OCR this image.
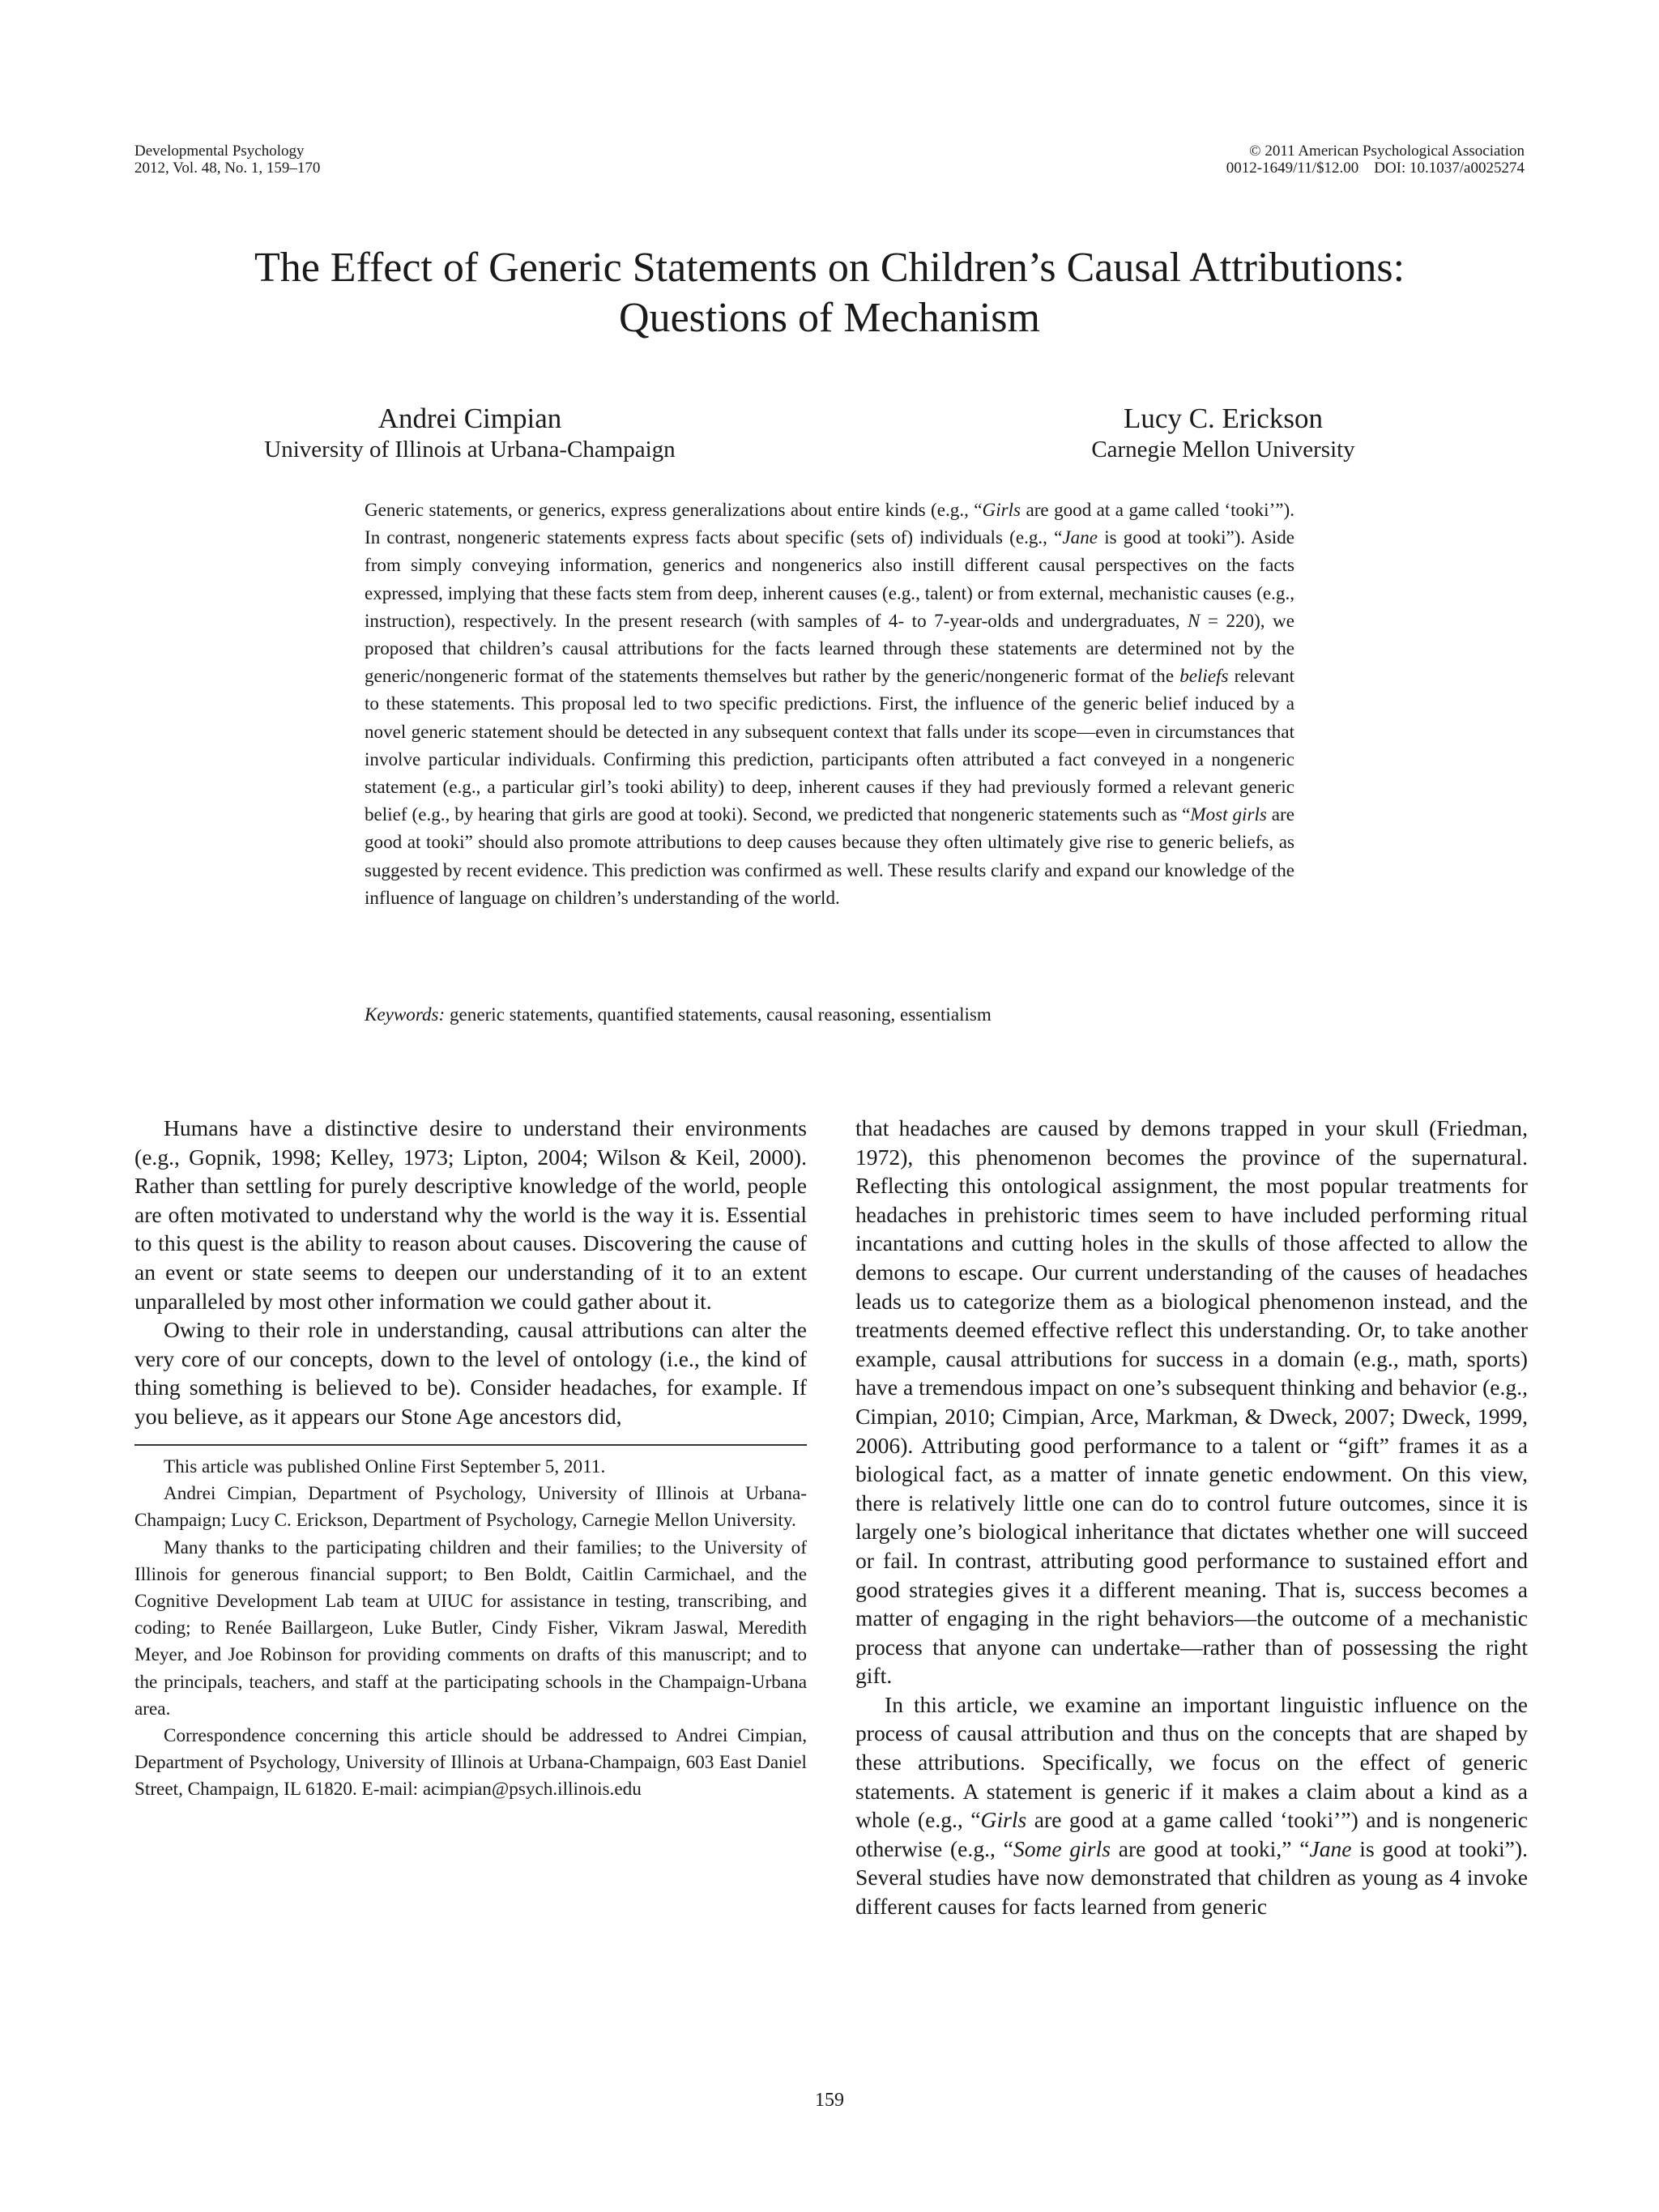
Developmental Psychology
2012, Vol. 48, No. 1, 159–170
© 2011 American Psychological Association
0012-1649/11/$12.00    DOI: 10.1037/a0025274
The Effect of Generic Statements on Children’s Causal Attributions:
Questions of Mechanism
Andrei Cimpian
University of Illinois at Urbana-Champaign
Lucy C. Erickson
Carnegie Mellon University

Generic statements, or generics, express generalizations about entire kinds (e.g., “Girls are good at a game called ‘tooki’”). In contrast, nongeneric statements express facts about specific (sets of) individuals (e.g., “Jane is good at tooki”). Aside from simply conveying information, generics and nongenerics also instill different causal perspectives on the facts expressed, implying that these facts stem from deep, inherent causes (e.g., talent) or from external, mechanistic causes (e.g., instruction), respectively. In the present research (with samples of 4- to 7-year-olds and undergraduates, N = 220), we proposed that children’s causal attributions for the facts learned through these statements are determined not by the generic/nongeneric format of the statements themselves but rather by the generic/nongeneric format of the beliefs relevant to these statements. This proposal led to two specific predictions. First, the influence of the generic belief induced by a novel generic statement should be detected in any subsequent context that falls under its scope—even in circumstances that involve particular individuals. Confirming this prediction, participants often attributed a fact conveyed in a nongeneric statement (e.g., a particular girl’s tooki ability) to deep, inherent causes if they had previously formed a relevant generic belief (e.g., by hearing that girls are good at tooki). Second, we predicted that nongeneric statements such as “Most girls are good at tooki” should also promote attributions to deep causes because they often ultimately give rise to generic beliefs, as suggested by recent evidence. This prediction was confirmed as well. These results clarify and expand our knowledge of the influence of language on children’s understanding of the world.

Keywords: generic statements, quantified statements, causal reasoning, essentialism

Humans have a distinctive desire to understand their environments (e.g., Gopnik, 1998; Kelley, 1973; Lipton, 2004; Wilson & Keil, 2000). Rather than settling for purely descriptive knowledge of the world, people are often motivated to understand why the world is the way it is. Essential to this quest is the ability to reason about causes. Discovering the cause of an event or state seems to deepen our understanding of it to an extent unparalleled by most other information we could gather about it.

Owing to their role in understanding, causal attributions can alter the very core of our concepts, down to the level of ontology (i.e., the kind of thing something is believed to be). Consider headaches, for example. If you believe, as it appears our Stone Age ancestors did,

This article was published Online First September 5, 2011.

Andrei Cimpian, Department of Psychology, University of Illinois at Urbana-Champaign; Lucy C. Erickson, Department of Psychology, Carnegie Mellon University.

Many thanks to the participating children and their families; to the University of Illinois for generous financial support; to Ben Boldt, Caitlin Carmichael, and the Cognitive Development Lab team at UIUC for assistance in testing, transcribing, and coding; to Renée Baillargeon, Luke Butler, Cindy Fisher, Vikram Jaswal, Meredith Meyer, and Joe Robinson for providing comments on drafts of this manuscript; and to the principals, teachers, and staff at the participating schools in the Champaign-Urbana area.

Correspondence concerning this article should be addressed to Andrei Cimpian, Department of Psychology, University of Illinois at Urbana-Champaign, 603 East Daniel Street, Champaign, IL 61820. E-mail: acimpian@psych.illinois.edu

that headaches are caused by demons trapped in your skull (Friedman, 1972), this phenomenon becomes the province of the supernatural. Reflecting this ontological assignment, the most popular treatments for headaches in prehistoric times seem to have included performing ritual incantations and cutting holes in the skulls of those affected to allow the demons to escape. Our current understanding of the causes of headaches leads us to categorize them as a biological phenomenon instead, and the treatments deemed effective reflect this understanding. Or, to take another example, causal attributions for success in a domain (e.g., math, sports) have a tremendous impact on one’s subsequent thinking and behavior (e.g., Cimpian, 2010; Cimpian, Arce, Markman, & Dweck, 2007; Dweck, 1999, 2006). Attributing good performance to a talent or “gift” frames it as a biological fact, as a matter of innate genetic endowment. On this view, there is relatively little one can do to control future outcomes, since it is largely one’s biological inheritance that dictates whether one will succeed or fail. In contrast, attributing good performance to sustained effort and good strategies gives it a different meaning. That is, success becomes a matter of engaging in the right behaviors—the outcome of a mechanistic process that anyone can undertake—rather than of possessing the right gift.

In this article, we examine an important linguistic influence on the process of causal attribution and thus on the concepts that are shaped by these attributions. Specifically, we focus on the effect of generic statements. A statement is generic if it makes a claim about a kind as a whole (e.g., “Girls are good at a game called ‘tooki’”) and is nongeneric otherwise (e.g., “Some girls are good at tooki,” “Jane is good at tooki”). Several studies have now demonstrated that children as young as 4 invoke different causes for facts learned from generic

159
